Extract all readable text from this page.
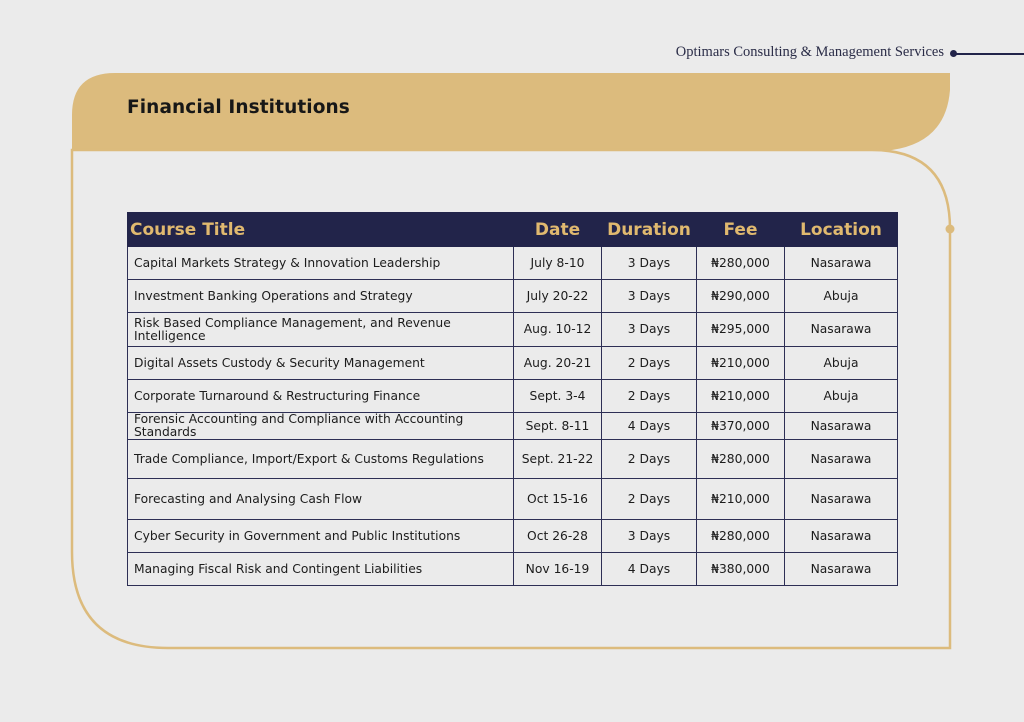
Optimars Consulting & Management Services
Financial Institutions
Course Title	Date	Duration	Fee	Location
Capital Markets Strategy & Innovation Leadership	July 8-10	3 Days	₦280,000	Nasarawa
Investment Banking Operations and Strategy	July 20-22	3 Days	₦290,000	Abuja
Risk Based Compliance Management, and Revenue Intelligence	Aug. 10-12	3 Days	₦295,000	Nasarawa
Digital Assets Custody & Security Management	Aug. 20-21	2 Days	₦210,000	Abuja
Corporate Turnaround & Restructuring Finance	Sept. 3-4	2 Days	₦210,000	Abuja
Forensic Accounting and Compliance with Accounting Standards	Sept. 8-11	4 Days	₦370,000	Nasarawa
Trade Compliance, Import/Export & Customs Regulations	Sept. 21-22	2 Days	₦280,000	Nasarawa
Forecasting and Analysing Cash Flow	Oct 15-16	2 Days	₦210,000	Nasarawa
Cyber Security in Government and Public Institutions	Oct 26-28	3 Days	₦280,000	Nasarawa
Managing Fiscal Risk and Contingent Liabilities	Nov 16-19	4 Days	₦380,000	Nasarawa
